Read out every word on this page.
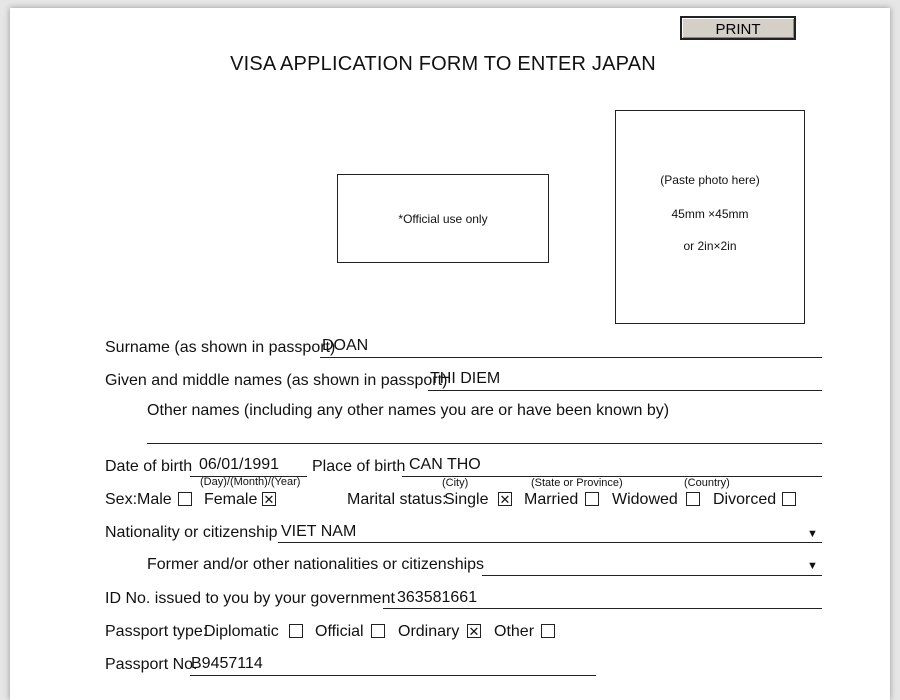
PRINT
VISA APPLICATION FORM TO ENTER JAPAN
*Official use only
(Paste photo here)
45mm ×45mm
or 2in×2in
Surname (as shown in passport)
DOAN
Given and middle names (as shown in passport)
THI DIEM
Other names (including any other names you are or have been known by)
Date of birth 06/01/1991
(Day)/(Month)/(Year)
Place of birth CAN THO
(City)	(State or Province)	(Country)
Sex: Male Female ✕	Marital status:
Single ✕ Married Widowed Divorced
Nationality or citizenship VIET NAM	▼
Former and/or other nationalities or citizenships	▼
ID No. issued to you by your government 363581661
Passport type:
Diplomatic Official Ordinary ✕ Other
Passport No.
B9457114
